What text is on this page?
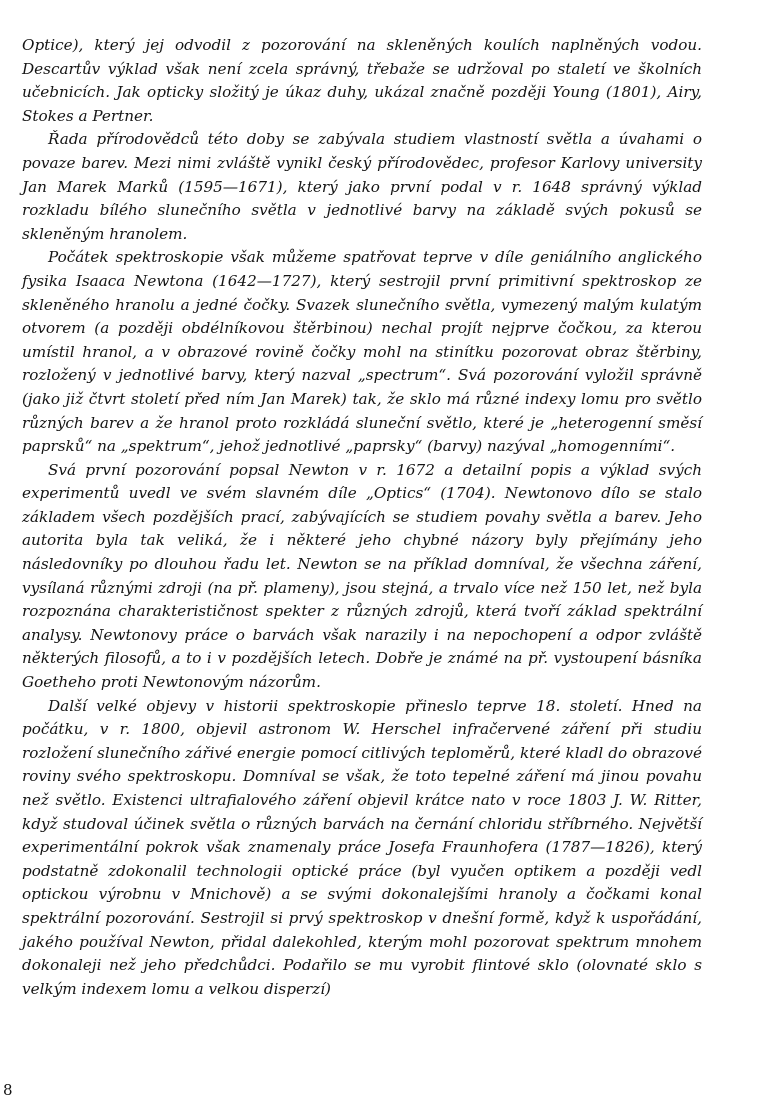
Optice), který jej odvodil z pozorování na skleněných koulích naplněných vodou. Descartův výklad však není zcela správný, třebaže se udržoval po staletí ve školních učebnicích. Jak opticky složitý je úkaz duhy, ukázal značně později Young (1801), Airy, Stokes a Pertner.

Řada přírodovědců této doby se zabývala studiem vlastností světla a úvahami o povaze barev. Mezi nimi zvláště vynikl český přírodovědec, profesor Karlovy university Jan Marek Marků (1595—1671), který jako první podal v r. 1648 správný výklad rozkladu bílého slunečního světla v jednotlivé barvy na základě svých pokusů se skleněným hranolem.

Počátek spektroskopie však můžeme spatřovat teprve v díle geniálního anglického fysika Isaaca Newtona (1642—1727), který sestrojil první primitivní spektroskop ze skleněného hranolu a jedné čočky. Svazek slunečního světla, vymezený malým kulatým otvorem (a později obdélníkovou štěrbinou) nechal projít nejprve čočkou, za kterou umístil hranol, a v obrazové rovině čočky mohl na stinítku pozorovat obraz štěrbiny, rozložený v jednotlivé barvy, který nazval „spectrum“. Svá pozorování vyložil správně (jako již čtvrt století před ním Jan Marek) tak, že sklo má různé indexy lomu pro světlo různých barev a že hranol proto rozkládá sluneční světlo, které je „heterogenní směsí paprsků“ na „spektrum“, jehož jednotlivé „paprsky“ (barvy) nazýval „homogenními“.

Svá první pozorování popsal Newton v r. 1672 a detailní popis a výklad svých experimentů uvedl ve svém slavném díle „Optics“ (1704). Newtonovo dílo se stalo základem všech pozdějších prací, zabývajících se studiem povahy světla a barev. Jeho autorita byla tak veliká, že i některé jeho chybné názory byly přejímány jeho následovníky po dlouhou řadu let. Newton se na příklad domníval, že všechna záření, vysílaná různými zdroji (na př. plameny), jsou stejná, a trvalo více než 150 let, než byla rozpoznána charakterističnost spekter z různých zdrojů, která tvoří základ spektrální analysy. Newtonovy práce o barvách však narazily i na nepochopení a odpor zvláště některých filosofů, a to i v pozdějších letech. Dobře je známé na př. vystoupení básníka Goetheho proti Newtonovým názorům.

Další velké objevy v historii spektroskopie přineslo teprve 18. století. Hned na počátku, v r. 1800, objevil astronom W. Herschel infračervené záření při studiu rozložení slunečního zářivé energie pomocí citlivých teploměrů, které kladl do obrazové roviny svého spektroskopu. Domníval se však, že toto tepelné záření má jinou povahu než světlo. Existenci ultrafialového záření objevil krátce nato v roce 1803 J. W. Ritter, když studoval účinek světla o různých barvách na černání chloridu stříbrného. Největší experimentální pokrok však znamenaly práce Josefa Fraunhofera (1787—1826), který podstatně zdokonalil technologii optické práce (byl vyučen optikem a později vedl optickou výrobnu v Mnichově) a se svými dokonalejšími hranoly a čočkami konal spektrální pozorování. Sestrojil si prvý spektroskop v dnešní formě, když k uspořádání, jakého používal Newton, přidal dalekohled, kterým mohl pozorovat spektrum mnohem dokonaleji než jeho předchůdci. Podařilo se mu vyrobit flintové sklo (olovnaté sklo s velkým indexem lomu a velkou disperzí)

8
